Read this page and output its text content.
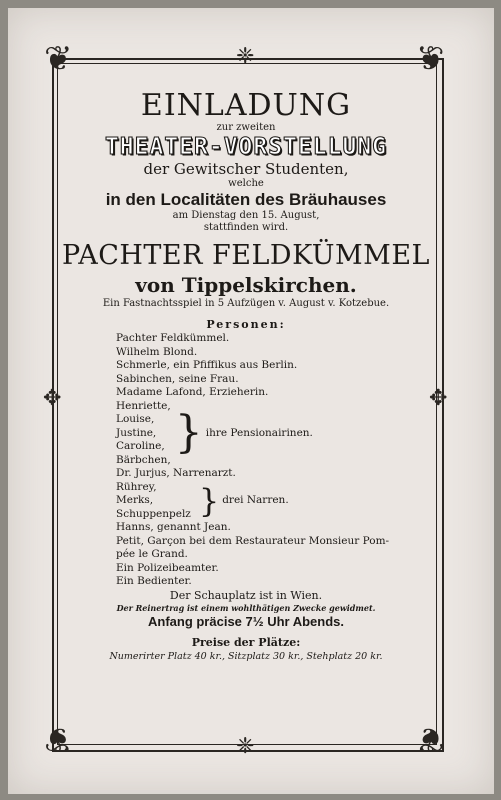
❦	❦
❦	❦
❈
❈
✥	✥
EINLADUNG
zur zweiten
THEATER-VORSTELLUNG
der Gewitscher Studenten,
welche
in den Localitäten des Bräuhauses
am Dienstag den 15. August,
stattfinden wird.
PACHTER FELDKÜMMEL
von Tippelskirchen.
Ein Fastnachtsspiel in 5 Aufzügen v. August v. Kotzebue.
Personen:
Pachter Feldkümmel.
Wilhelm Blond.
Schmerle, ein Pfiffikus aus Berlin.
Sabinchen, seine Frau.
Madame Lafond, Erzieherin.
Henriette,
Louise,
Justine,
Caroline,
Bärbchen,
} ihre Pensionairinen.
Dr. Jurjus, Narrenarzt.
Rührey,
Merks,
Schuppenpelz } drei Narren.
Hanns, genannt Jean.
Petit, Garçon bei dem Restaurateur Monsieur Pom-
pée le Grand.
Ein Polizeibeamter.
Ein Bedienter.
Der Schauplatz ist in Wien.
Der Reinertrag ist einem wohlthätigen Zwecke gewidmet.
Anfang präcise 7½ Uhr Abends.
Preise der Plätze:
Numerirter Platz 40 kr., Sitzplatz 30 kr., Stehplatz 20 kr.
